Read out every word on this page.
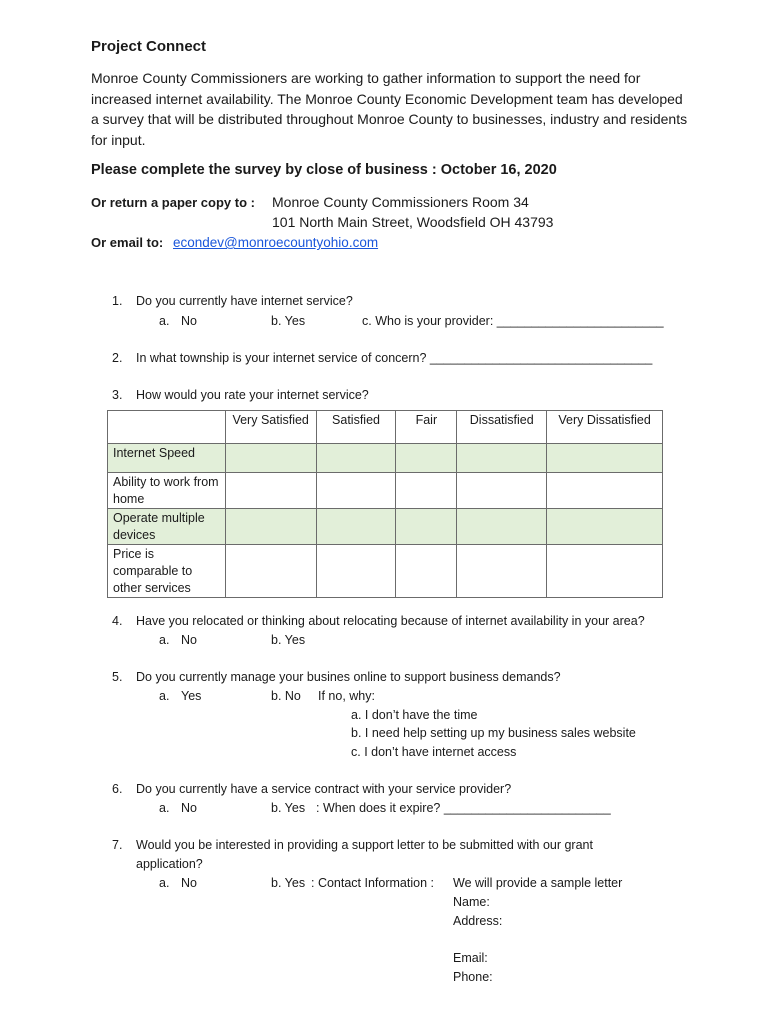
Project Connect
Monroe County Commissioners are working to gather information to support the need for increased internet availability. The Monroe County Economic Development team has developed a survey that will be distributed throughout Monroe County to businesses, industry and residents for input.
Please complete the survey by close of business : October 16, 2020
Or return a paper copy to : Monroe County Commissioners Room 34
101 North Main Street, Woodsfield OH 43793
Or email to: econdev@monroecountyohio.com
1. Do you currently have internet service?
a. No	b. Yes	c. Who is your provider: ________________________
2. In what township is your internet service of concern? ________________________________
3. How would you rate your internet service?
	Very Satisfied	Satisfied	Fair	Dissatisfied	Very Dissatisfied
Internet Speed					
Ability to work from home					
Operate multiple devices					
Price is comparable to other services					
4. Have you relocated or thinking about relocating because of internet availability in your area?
a. No	b. Yes
5. Do you currently manage your busines online to support business demands?
a. Yes	b. No If no, why:
a. I don’t have the time
b. I need help setting up my business sales website
c. I don’t have internet access
6. Do you currently have a service contract with your service provider?
a. No	b. Yes : When does it expire? ________________________
7. Would you be interested in providing a support letter to be submitted with our grant
application?
a. No	b. Yes : Contact Information : We will provide a sample letter
Name:
Address:
Email:
Phone:
